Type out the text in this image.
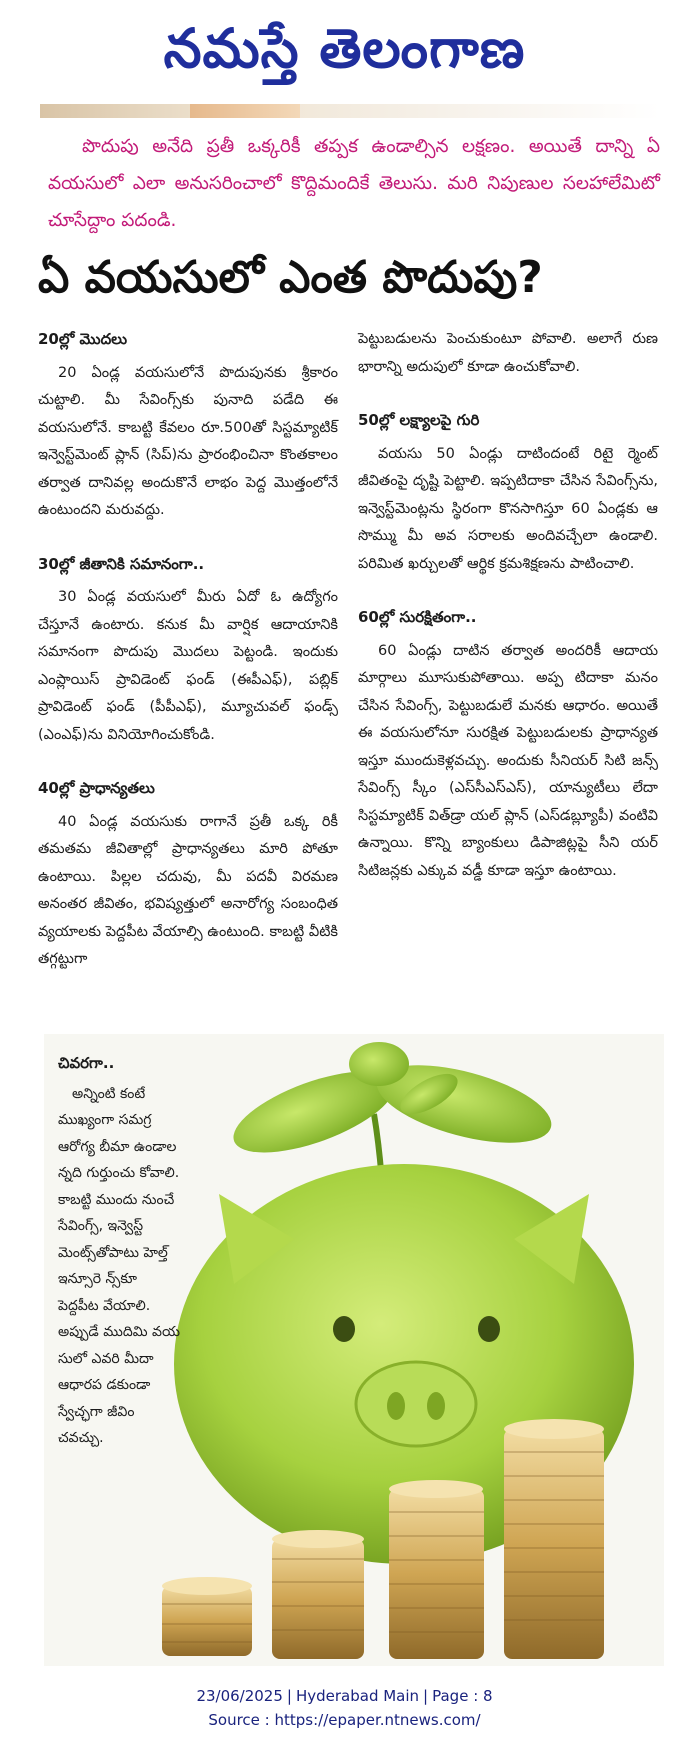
నమస్తే తెలంగాణ

పొదుపు అనేది ప్రతీ ఒక్కరికీ తప్పక ఉండాల్సిన లక్షణం. అయితే దాన్ని ఏ వయసులో ఎలా అనుసరించాలో కొద్దిమందికే తెలుసు. మరి నిపుణుల సలహాలేమిటో చూసేద్దాం పదండి.

ఏ వయసులో ఎంత పొదుపు?
20ల్లో మొదలు

20 ఏండ్ల వయసులోనే పొదుపునకు శ్రీకారం చుట్టాలి. మీ సేవింగ్స్‌కు పునాది పడేది ఈ వయసులోనే. కాబట్టి కేవలం రూ.500తో సిస్టమ్యాటిక్ ఇన్వెస్ట్‌మెంట్ ప్లాన్ (సిప్)ను ప్రారంభించినా కొంతకాలం తర్వాత దానివల్ల అందుకొనే లాభం పెద్ద మొత్తంలోనే ఉంటుందని మరువద్దు.

30ల్లో జీతానికి సమానంగా..

30 ఏండ్ల వయసులో మీరు ఏదో ఓ ఉద్యోగం చేస్తూనే ఉంటారు. కనుక మీ వార్షిక ఆదాయానికి సమానంగా పొదుపు మొదలు పెట్టండి. ఇందుకు ఎంప్లాయిస్ ప్రావిడెంట్ ఫండ్ (ఈపీఎఫ్), పబ్లిక్ ప్రావిడెంట్ ఫండ్ (పీపీఎఫ్), మ్యూచువల్ ఫండ్స్ (ఎంఎఫ్)ను వినియోగించుకోండి.

40ల్లో ప్రాధాన్యతలు

40 ఏండ్ల వయసుకు రాగానే ప్రతీ ఒక్క రికీ తమతమ జీవితాల్లో ప్రాధాన్యతలు మారి పోతూ ఉంటాయి. పిల్లల చదువు, మీ పదవీ విరమణ అనంతర జీవితం, భవిష్యత్తులో అనారోగ్య సంబంధిత వ్యయాలకు పెద్దపీట వేయాల్సి ఉంటుంది. కాబట్టి వీటికి తగ్గట్టుగా

పెట్టుబడులను పెంచుకుంటూ పోవాలి. అలాగే రుణ భారాన్ని అదుపులో కూడా ఉంచుకోవాలి.

50ల్లో లక్ష్యాలపై గురి

వయసు 50 ఏండ్లు దాటిందంటే రిటై ర్మెంట్ జీవితంపై దృష్టి పెట్టాలి. ఇప్పటిదాకా చేసిన సేవింగ్స్‌ను, ఇన్వెస్ట్‌మెంట్లను స్థిరంగా కొనసాగిస్తూ 60 ఏండ్లకు ఆ సొమ్ము మీ అవ సరాలకు అందివచ్చేలా ఉండాలి. పరిమిత ఖర్చులతో ఆర్థిక క్రమశిక్షణను పాటించాలి.

60ల్లో సురక్షితంగా..

60 ఏండ్లు దాటిన తర్వాత అందరికీ ఆదాయ మార్గాలు మూసుకుపోతాయి. అప్ప టిదాకా మనం చేసిన సేవింగ్స్, పెట్టుబడులే మనకు ఆధారం. అయితే ఈ వయసులోనూ సురక్షిత పెట్టుబడులకు ప్రాధాన్యత ఇస్తూ ముందుకెళ్లవచ్చు. అందుకు సీనియర్ సిటి జన్స్ సేవింగ్స్ స్కీం (ఎస్‌సీఎస్‌ఎస్), యాన్యుటీలు లేదా సిస్టమ్యాటిక్ విత్‌డ్రా యల్ ప్లాన్ (ఎస్‌డబ్ల్యూపీ) వంటివి ఉన్నాయి. కొన్ని బ్యాంకులు డిపాజిట్లపై సీని యర్ సిటిజన్లకు ఎక్కువ వడ్డీ కూడా ఇస్తూ ఉంటాయి.

చివరగా..

అన్నింటి కంటే ముఖ్యంగా సమగ్ర ఆరోగ్య బీమా ఉండాల న్నది గుర్తుంచు కోవాలి. కాబట్టి ముందు నుంచే సేవింగ్స్, ఇన్వెస్ట్ మెంట్స్‌తోపాటు హెల్త్ ఇన్సూరె న్స్‌కూ పెద్దపీట వేయాలి. అప్పుడే ముదిమి వయ సులో ఎవరి మీదా ఆధారప డకుండా స్వేచ్ఛగా జీవిం చవచ్చు.

23/06/2025 | Hyderabad Main | Page : 8
Source : https://epaper.ntnews.com/
